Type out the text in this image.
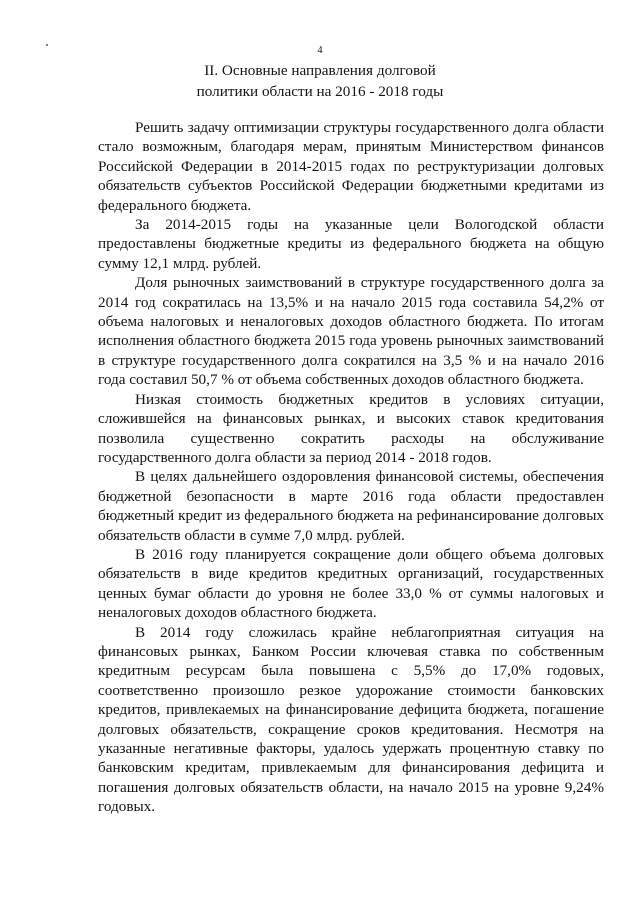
4
II. Основные направления долговой
политики области на 2016 - 2018 годы

Решить задачу оптимизации структуры государственного долга области стало возможным, благодаря мерам, принятым Министерством финансов Российской Федерации в 2014-2015 годах по реструктуризации долговых обязательств субъектов Российской Федерации бюджетными кредитами из федерального бюджета.

За 2014-2015 годы на указанные цели Вологодской области предоставлены бюджетные кредиты из федерального бюджета на общую сумму 12,1 млрд. рублей.

Доля рыночных заимствований в структуре государственного долга за 2014 год сократилась на 13,5% и на начало 2015 года составила 54,2% от объема налоговых и неналоговых доходов областного бюджета. По итогам исполнения областного бюджета 2015 года уровень рыночных заимствований в структуре государственного долга сократился на 3,5 % и на начало 2016 года составил 50,7 % от объема собственных доходов областного бюджета.

Низкая стоимость бюджетных кредитов в условиях ситуации, сложившейся на финансовых рынках, и высоких ставок кредитования позволила существенно сократить расходы на обслуживание государственного долга области за период 2014 - 2018 годов.

В целях дальнейшего оздоровления финансовой системы, обеспечения бюджетной безопасности в марте 2016 года области предоставлен бюджетный кредит из федерального бюджета на рефинансирование долговых обязательств области в сумме 7,0 млрд. рублей.

В 2016 году планируется сокращение доли общего объема долговых обязательств в виде кредитов кредитных организаций, государственных ценных бумаг области до уровня не более 33,0 % от суммы налоговых и неналоговых доходов областного бюджета.

В 2014 году сложилась крайне неблагоприятная ситуация на финансовых рынках, Банком России ключевая ставка по собственным кредитным ресурсам была повышена с 5,5% до 17,0% годовых, соответственно произошло резкое удорожание стоимости банковских кредитов, привлекаемых на финансирование дефицита бюджета, погашение долговых обязательств, сокращение сроков кредитования. Несмотря на указанные негативные факторы, удалось удержать процентную ставку по банковским кредитам, привлекаемым для финансирования дефицита и погашения долговых обязательств области, на начало 2015 на уровне 9,24% годовых.
